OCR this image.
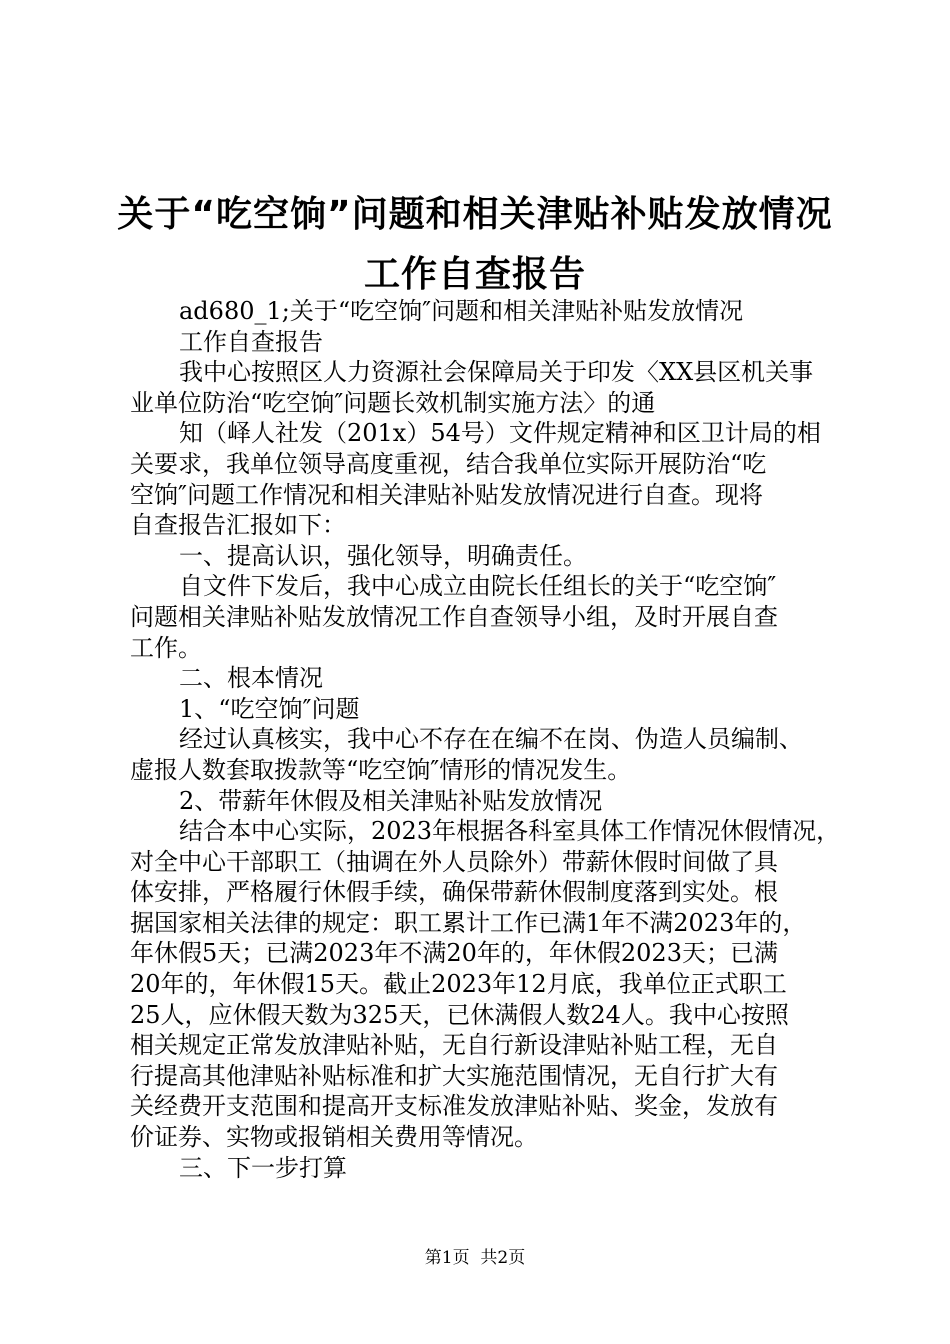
关于“吃空饷”问题和相关津贴补贴发放情况
工作自查报告
ad680_1;关于“吃空饷″问题和相关津贴补贴发放情况
工作自查报告
我中心按照区人力资源社会保障局关于印发〈XX县区机关事
业单位防治“吃空饷″问题长效机制实施方法〉的通
知（峄人社发（201x）54号）文件规定精神和区卫计局的相
关要求，我单位领导高度重视，结合我单位实际开展防治“吃
空饷″问题工作情况和相关津贴补贴发放情况进行自查。现将
自查报告汇报如下：
一、提高认识，强化领导，明确责任。
自文件下发后，我中心成立由院长任组长的关于“吃空饷″
问题相关津贴补贴发放情况工作自查领导小组，及时开展自查
工作。
二、根本情况
1、“吃空饷″问题
经过认真核实，我中心不存在在编不在岗、伪造人员编制、
虚报人数套取拨款等“吃空饷″情形的情况发生。
2、带薪年休假及相关津贴补贴发放情况
结合本中心实际，2023年根据各科室具体工作情况休假情况，
对全中心干部职工（抽调在外人员除外）带薪休假时间做了具
体安排，严格履行休假手续，确保带薪休假制度落到实处。根
据国家相关法律的规定：职工累计工作已满1年不满2023年的，
年休假5天；已满2023年不满20年的，年休假2023天；已满
20年的，年休假15天。截止2023年12月底，我单位正式职工
25人，应休假天数为325天，已休满假人数24人。我中心按照
相关规定正常发放津贴补贴，无自行新设津贴补贴工程，无自
行提高其他津贴补贴标准和扩大实施范围情况，无自行扩大有
关经费开支范围和提高开支标准发放津贴补贴、奖金，发放有
价证券、实物或报销相关费用等情况。
三、下一步打算
第1页  共2页
